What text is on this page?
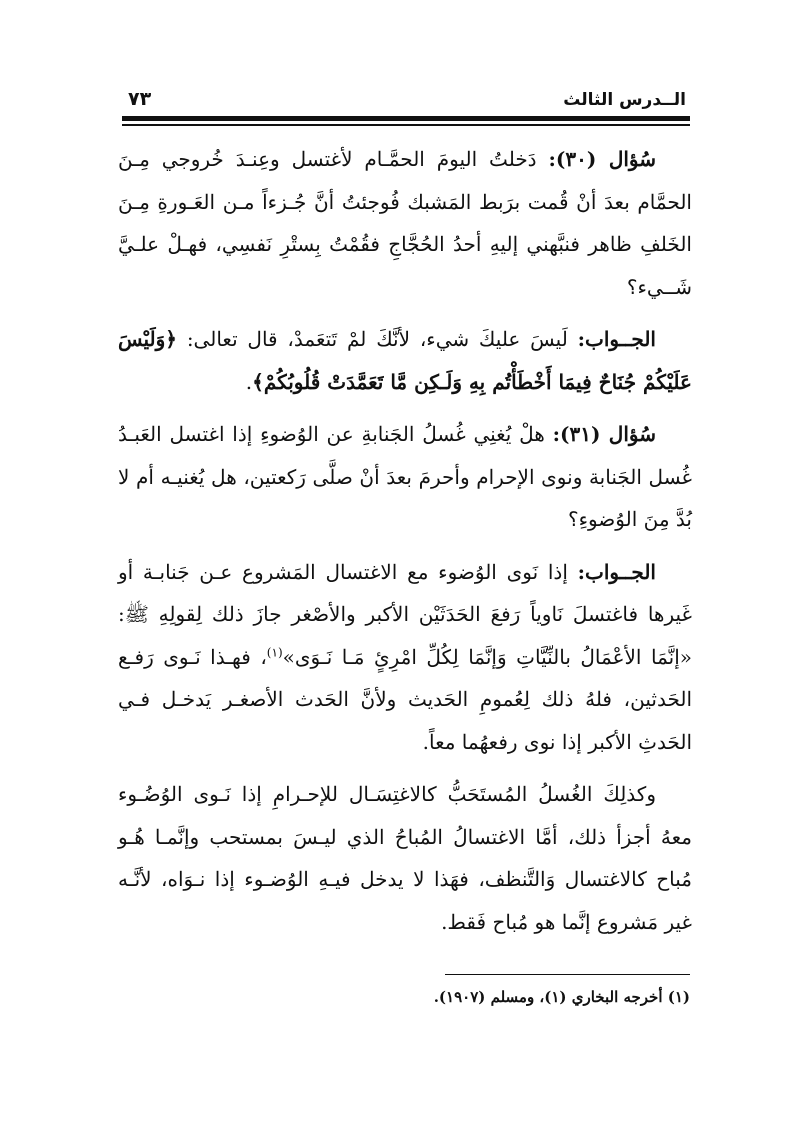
الــدرس الثالث
٧٣

سُؤال (٣٠): دَخلتُ اليومَ الحمَّـام لأغتسل وعِنـدَ خُروجي مِـنَ الحمَّام بعدَ أنْ قُمت برَبط المَشبك فُوجئتُ أنَّ جُـزءاً مـن العَـورةِ مِـنَ الخَلفِ ظاهر فنبَّهني إليهِ أحدُ الحُجَّاجِ فقُمْتُ بِستْرِ نَفسِي، فهـلْ علـيَّ شَــيء؟

الجــواب: لَيسَ عليكَ شيء، لأنَّكَ لمْ تَتعَمدْ، قال تعالى: ﴿وَلَيْسَ عَلَيْكُمْ جُنَاحٌ فِيمَا أَخْطَأْتُم بِهِ وَلَـكِن مَّا تَعَمَّدَتْ قُلُوبُكُمْ﴾.

سُؤال (٣١): هلْ يُغنِي غُسلُ الجَنابةِ عن الوُضوءِ إذا اغتسل العَبـدُ غُسل الجَنابة ونوى الإحرام وأحرمَ بعدَ أنْ صلَّى رَكعتين، هل يُغنيـه أم لا بُدَّ مِنَ الوُضوءِ؟

الجــواب: إذا نَوى الوُضوء مع الاغتسال المَشروع عـن جَنابـة أو غَيرها فاغتسلَ نَاوياً رَفعَ الحَدَثَيْن الأكبر والأصْغر جازَ ذلك لِقولِهِ ﷺ: «إنَّمَا الأعْمَالُ بالنِّيَّاتِ وَإنَّمَا لِكُلِّ امْرِئٍ مَـا نَـوَى»$^{(١)}$، فهـذا نَـوى رَفـع الحَدثين، فلهُ ذلك لِعُمومِ الحَديث ولأنَّ الحَدث الأصغـر يَدخـل فـي الحَدثِ الأكبر إذا نوى رفعهُما معاً.

وكذلِكَ الغُسلُ المُستَحَبُّ كالاغتِسَـال للإحـرامِ إذا نَـوى الوُضُـوء معهُ أجزأ ذلك، أمَّا الاغتسالُ المُباحُ الذي ليـسَ بمستحب وإنَّمـا هُـو مُباح كالاغتسال وَالتَّنظف، فهَذا لا يدخل فيـهِ الوُضـوء إذا نـوَاه، لأنَّـه غير مَشروع إنَّما هو مُباح فَقط.

(١) أخرجه البخاري (١)، ومسلم (١٩٠٧).
